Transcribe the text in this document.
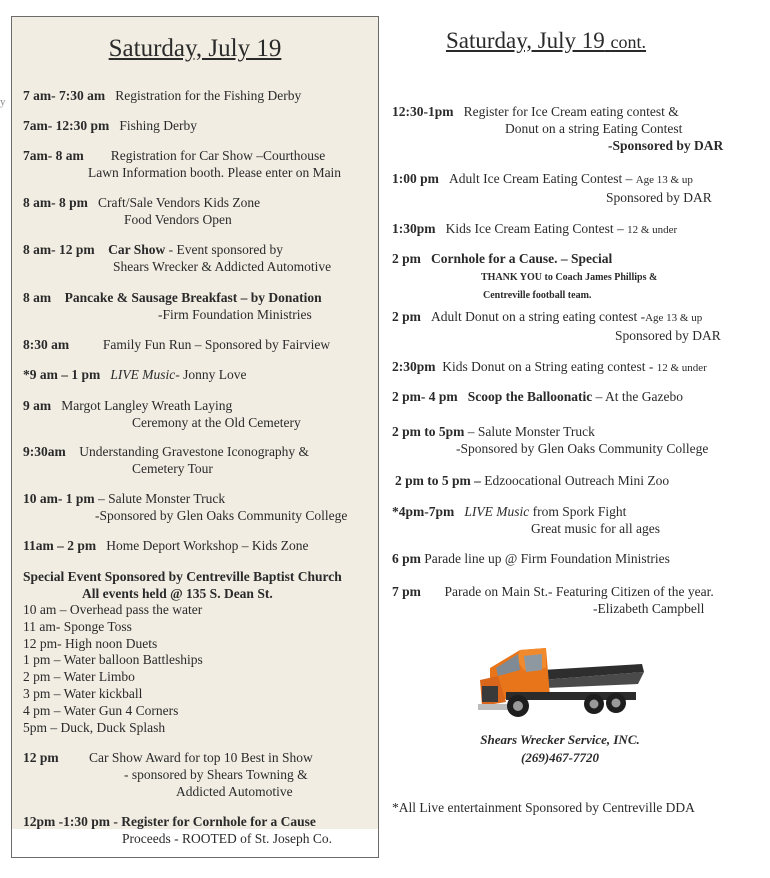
y
Saturday, July 19
7 am- 7:30 am Registration for the Fishing Derby
7am- 12:30 pm Fishing Derby
7am- 8 am Registration for Car Show –Courthouse
Lawn Information booth. Please enter on Main
8 am- 8 pm Craft/Sale Vendors Kids Zone
Food Vendors Open
8 am- 12 pm Car Show - Event sponsored by
Shears Wrecker & Addicted Automotive
8 am Pancake & Sausage Breakfast – by Donation
-Firm Foundation Ministries
8:30 am	Family Fun Run – Sponsored by Fairview
*9 am – 1 pm LIVE Music- Jonny Love
9 am Margot Langley Wreath Laying
Ceremony at the Old Cemetery
9:30am Understanding Gravestone Iconography &
Cemetery Tour
10 am- 1 pm – Salute Monster Truck
-Sponsored by Glen Oaks Community College
11am – 2 pm Home Deport Workshop – Kids Zone
Special Event Sponsored by Centreville Baptist Church
All events held @ 135 S. Dean St.
10 am – Overhead pass the water
11 am- Sponge Toss
12 pm- High noon Duets
1 pm – Water balloon Battleships
2 pm – Water Limbo
3 pm – Water kickball
4 pm – Water Gun 4 Corners
5pm – Duck, Duck Splash
12 pm Car Show Award for top 10 Best in Show
- sponsored by Shears Towning &
Addicted Automotive
12pm -1:30 pm - Register for Cornhole for a Cause
Proceeds - ROOTED of St. Joseph Co.
Saturday, July 19 cont.
12:30-1pm Register for Ice Cream eating contest &
Donut on a string Eating Contest
-Sponsored by DAR
1:00 pm Adult Ice Cream Eating Contest – Age 13 & up
Sponsored by DAR
1:30pm Kids Ice Cream Eating Contest – 12 & under
2 pm Cornhole for a Cause. – Special
THANK YOU to Coach James Phillips &
Centreville football team.
2 pm Adult Donut on a string eating contest -Age 13 & up
Sponsored by DAR
2:30pm Kids Donut on a String eating contest - 12 & under
2 pm- 4 pm Scoop the Balloonatic – At the Gazebo
2 pm to 5pm – Salute Monster Truck
-Sponsored by Glen Oaks Community College
2 pm to 5 pm – Edzoocational Outreach Mini Zoo
*4pm-7pm LIVE Music from Spork Fight
Great music for all ages
6 pm Parade line up @ Firm Foundation Ministries
7 pm Parade on Main St.- Featuring Citizen of the year.
-Elizabeth Campbell
Shears Wrecker Service, INC.
(269)467-7720
*All Live entertainment Sponsored by Centreville DDA
